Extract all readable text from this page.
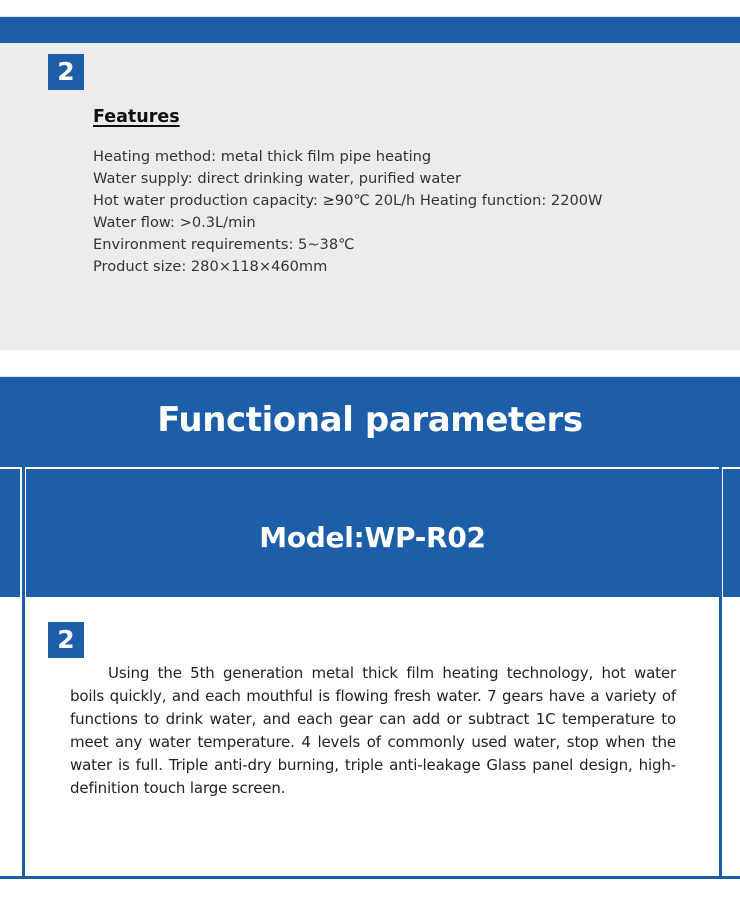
2
Features
Heating method: metal thick film pipe heating
Water supply: direct drinking water, purified water
Hot water production capacity: ≥90℃ 20L/h Heating function: 2200W
Water flow: >0.3L/min
Environment requirements: 5~38℃
Product size: 280×118×460mm
Functional parameters
Model:WP-R02
2

Using the 5th generation metal thick film heating technology, hot water boils quickly, and each mouthful is flowing fresh water. 7 gears have a variety of functions to drink water, and each gear can add or subtract 1C temperature to meet any water temperature. 4 levels of commonly used water, stop when the water is full. Triple anti-dry burning, triple anti-leakage Glass panel design, high-definition touch large screen.
